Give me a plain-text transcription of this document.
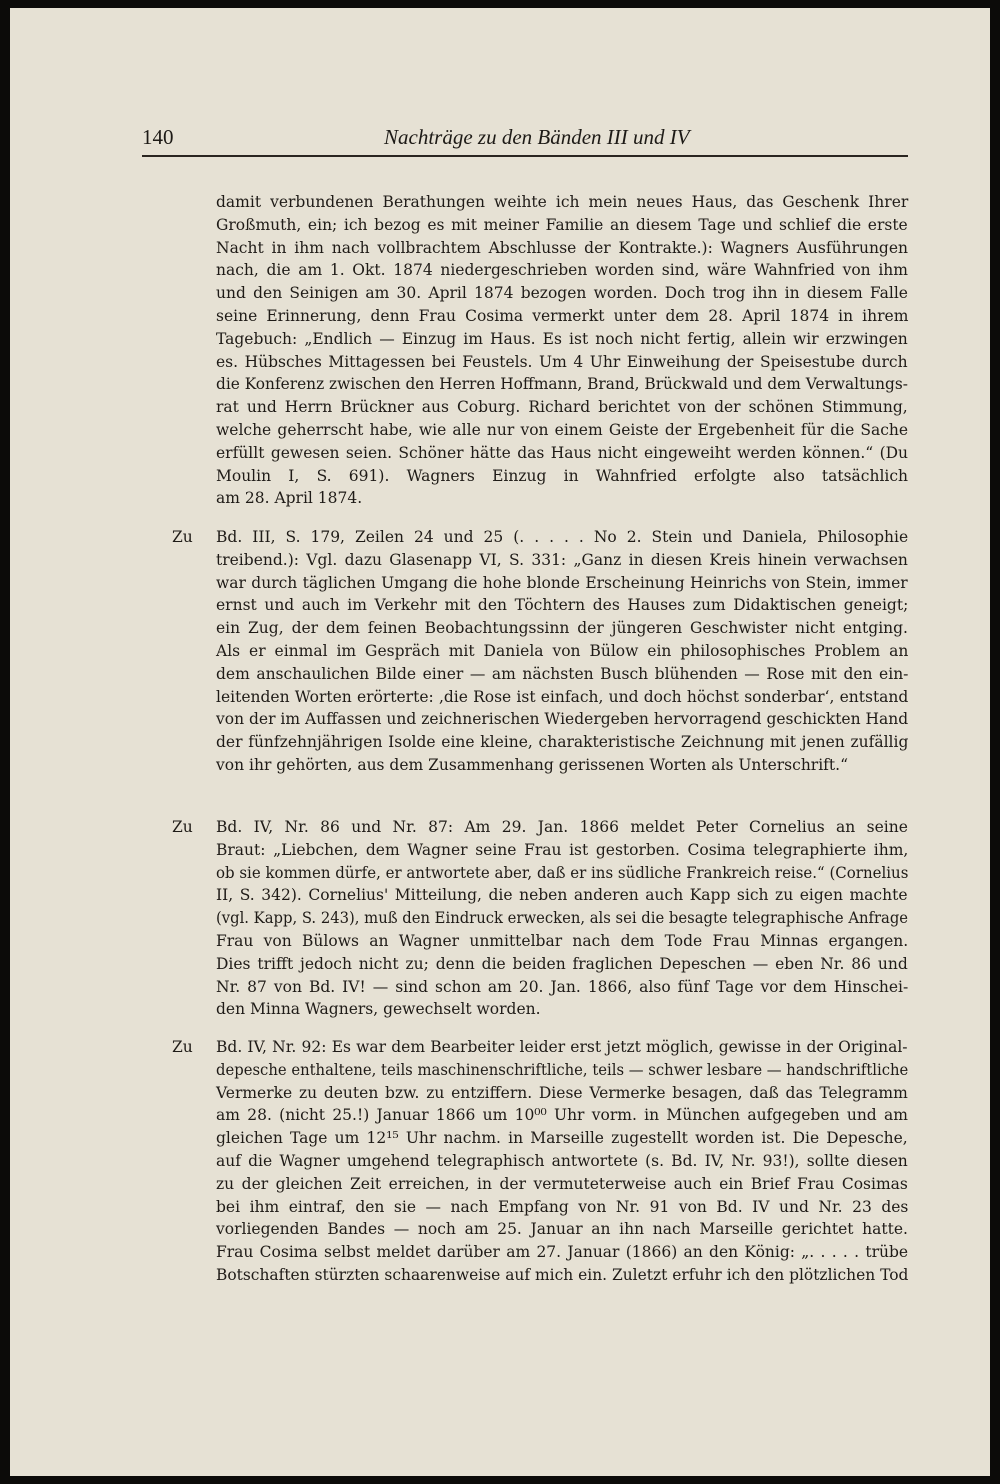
140	Nachträge zu den Bänden III und IV
damit verbundenen Berathungen weihte ich mein neues Haus, das Geschenk Ihrer
Großmuth, ein; ich bezog es mit meiner Familie an diesem Tage und schlief die erste
Nacht in ihm nach vollbrachtem Abschlusse der Kontrakte.): Wagners Ausführungen
nach, die am 1. Okt. 1874 niedergeschrieben worden sind, wäre Wahnfried von ihm
und den Seinigen am 30. April 1874 bezogen worden. Doch trog ihn in diesem Falle
seine Erinnerung, denn Frau Cosima vermerkt unter dem 28. April 1874 in ihrem
Tagebuch: „Endlich — Einzug im Haus. Es ist noch nicht fertig, allein wir erzwingen
es. Hübsches Mittagessen bei Feustels. Um 4 Uhr Einweihung der Speisestube durch
die Konferenz zwischen den Herren Hoffmann, Brand, Brückwald und dem Verwaltungs-
rat und Herrn Brückner aus Coburg. Richard berichtet von der schönen Stimmung,
welche geherrscht habe, wie alle nur von einem Geiste der Ergebenheit für die Sache
erfüllt gewesen seien. Schöner hätte das Haus nicht eingeweiht werden können.“ (Du
Moulin I, S. 691). Wagners Einzug in Wahnfried erfolgte also tatsächlich
am 28. April 1874.
Zu Bd. III, S. 179, Zeilen 24 und 25 (. . . . . No 2. Stein und Daniela, Philosophie
treibend.): Vgl. dazu Glasenapp VI, S. 331: „Ganz in diesen Kreis hinein verwachsen
war durch täglichen Umgang die hohe blonde Erscheinung Heinrichs von Stein, immer
ernst und auch im Verkehr mit den Töchtern des Hauses zum Didaktischen geneigt;
ein Zug, der dem feinen Beobachtungssinn der jüngeren Geschwister nicht entging.
Als er einmal im Gespräch mit Daniela von Bülow ein philosophisches Problem an
dem anschaulichen Bilde einer — am nächsten Busch blühenden — Rose mit den ein-
leitenden Worten erörterte: ‚die Rose ist einfach, und doch höchst sonderbar‘, entstand
von der im Auffassen und zeichnerischen Wiedergeben hervorragend geschickten Hand
der fünfzehnjährigen Isolde eine kleine, charakteristische Zeichnung mit jenen zufällig
von ihr gehörten, aus dem Zusammenhang gerissenen Worten als Unterschrift.“
Zu Bd. IV, Nr. 86 und Nr. 87: Am 29. Jan. 1866 meldet Peter Cornelius an seine
Braut: „Liebchen, dem Wagner seine Frau ist gestorben. Cosima telegraphierte ihm,
ob sie kommen dürfe, er antwortete aber, daß er ins südliche Frankreich reise.“ (Cornelius
II, S. 342). Cornelius' Mitteilung, die neben anderen auch Kapp sich zu eigen machte
(vgl. Kapp, S. 243), muß den Eindruck erwecken, als sei die besagte telegraphische Anfrage
Frau von Bülows an Wagner unmittelbar nach dem Tode Frau Minnas ergangen.
Dies trifft jedoch nicht zu; denn die beiden fraglichen Depeschen — eben Nr. 86 und
Nr. 87 von Bd. IV! — sind schon am 20. Jan. 1866, also fünf Tage vor dem Hinschei-
den Minna Wagners, gewechselt worden.
Zu Bd. IV, Nr. 92: Es war dem Bearbeiter leider erst jetzt möglich, gewisse in der Original-
depesche enthaltene, teils maschinenschriftliche, teils — schwer lesbare — handschriftliche
Vermerke zu deuten bzw. zu entziffern. Diese Vermerke besagen, daß das Telegramm
am 28. (nicht 25.!) Januar 1866 um 10⁰⁰ Uhr vorm. in München aufgegeben und am
gleichen Tage um 12¹⁵ Uhr nachm. in Marseille zugestellt worden ist. Die Depesche,
auf die Wagner umgehend telegraphisch antwortete (s. Bd. IV, Nr. 93!), sollte diesen
zu der gleichen Zeit erreichen, in der vermuteterweise auch ein Brief Frau Cosimas
bei ihm eintraf, den sie — nach Empfang von Nr. 91 von Bd. IV und Nr. 23 des
vorliegenden Bandes — noch am 25. Januar an ihn nach Marseille gerichtet hatte.
Frau Cosima selbst meldet darüber am 27. Januar (1866) an den König: „. . . . . trübe
Botschaften stürzten schaarenweise auf mich ein. Zuletzt erfuhr ich den plötzlichen Tod
